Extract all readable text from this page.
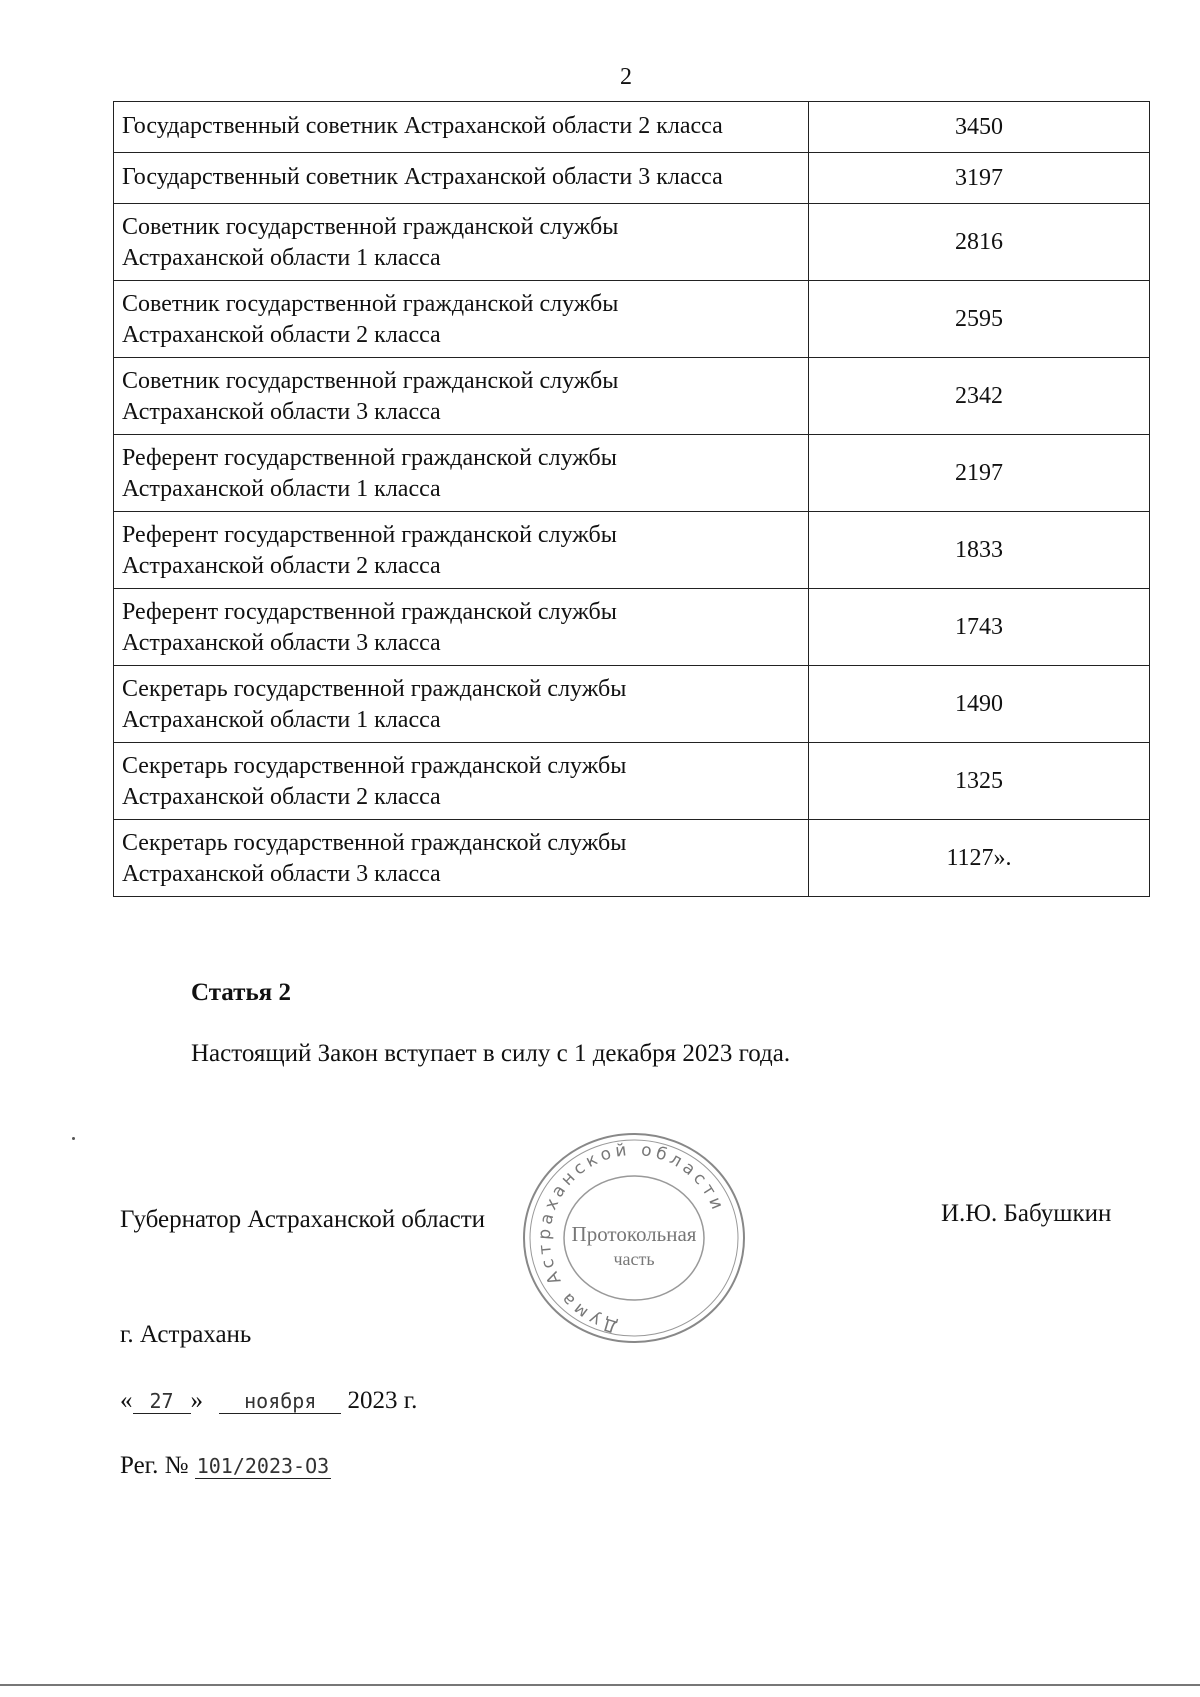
2
Государственный советник Астраханской области 2 класса	3450

Государственный советник Астраханской области 3 класса	3197

Советник государственной гражданской службы
Астраханской области 1 класса	2816

Советник государственной гражданской службы
Астраханской области 2 класса	2595

Советник государственной гражданской службы
Астраханской области 3 класса	2342

Референт государственной гражданской службы
Астраханской области 1 класса	2197

Референт государственной гражданской службы
Астраханской области 2 класса	1833

Референт государственной гражданской службы
Астраханской области 3 класса	1743

Секретарь государственной гражданской службы
Астраханской области 1 класса	1490

Секретарь государственной гражданской службы
Астраханской области 2 класса	1325

Секретарь государственной гражданской службы
Астраханской области 3 класса	1127».
Статья 2
Настоящий Закон вступает в силу с 1 декабря 2023 года.
Губернатор Астраханской области	И.Ю. Бабушкин
Дума Астраханской области
Протокольная
часть
г. Астрахань
« 27 » ноября 2023 г.
Рег. № 101/2023-ОЗ
